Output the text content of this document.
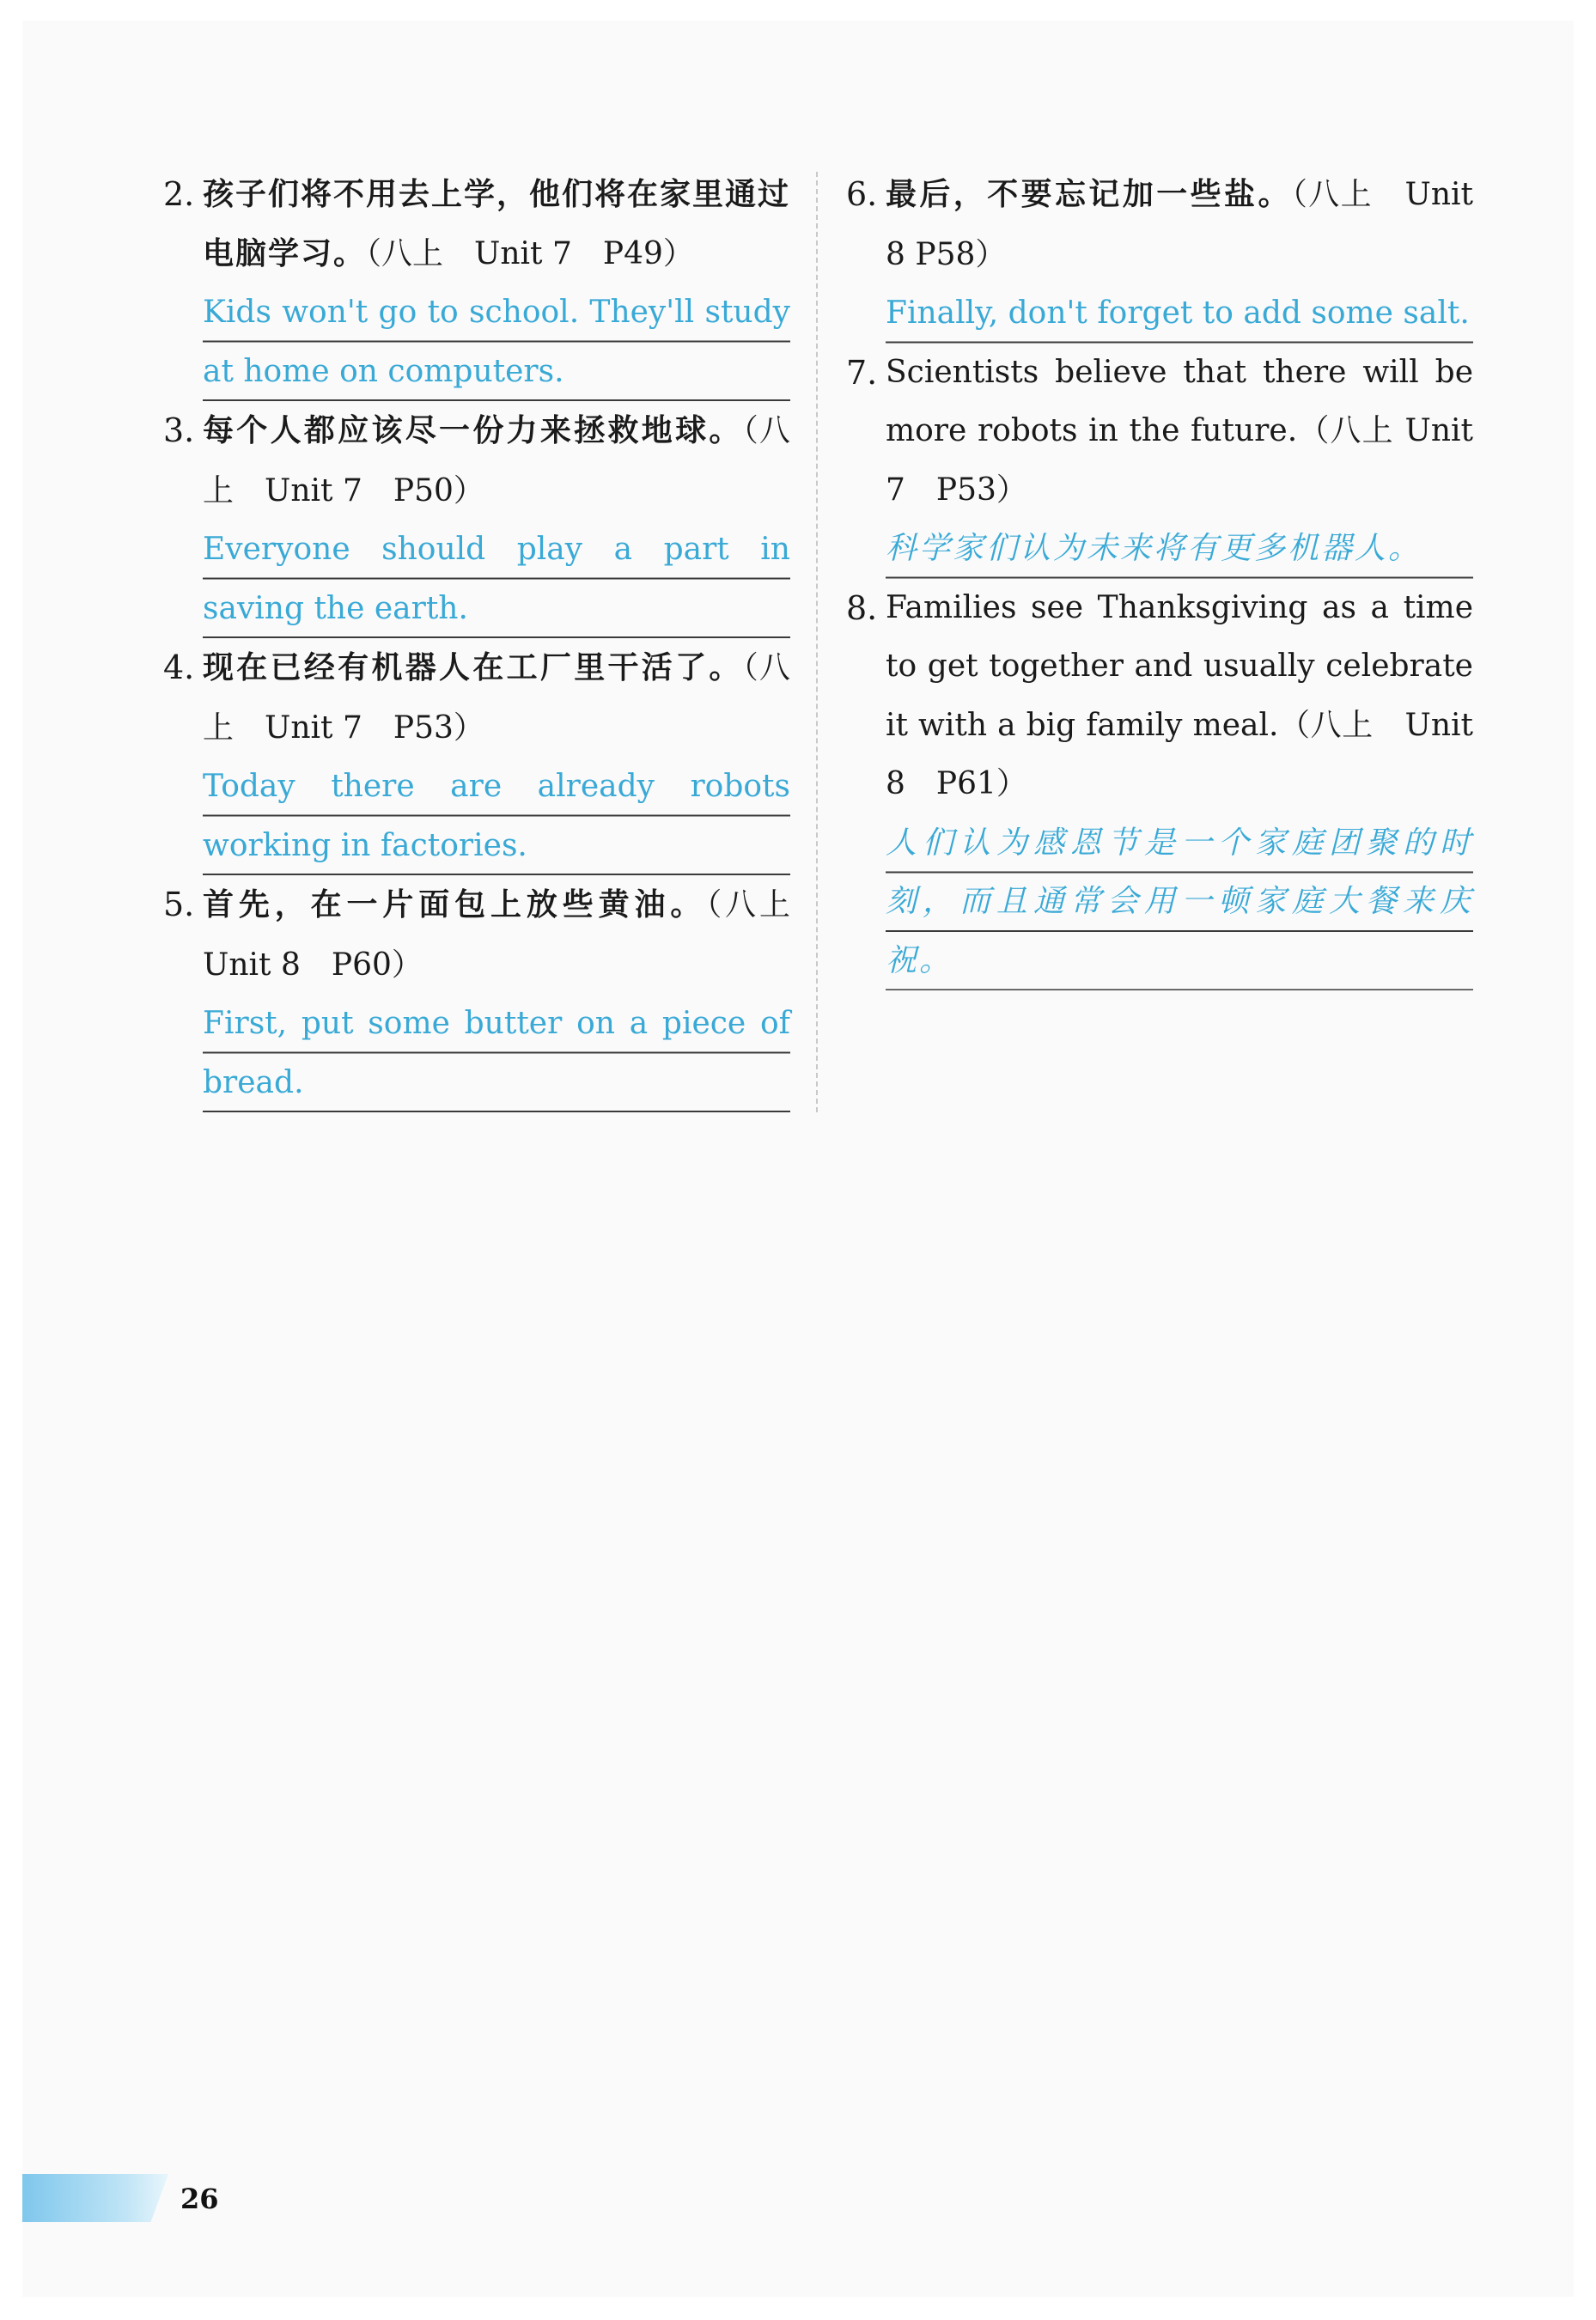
2. 孩子们将不用去上学，他们将在家里通过电脑学习。（八上　Unit 7　P49）
Kids won't go to school. They'll study at home on computers.
3. 每个人都应该尽一份力来拯救地球。（八上　Unit 7　P50）
Everyone should play a part in saving the earth.
4. 现在已经有机器人在工厂里干活了。（八上　Unit 7　P53）
Today there are already robots working in factories.
5. 首先，在一片面包上放些黄油。（八上 Unit 8　P60）
First, put some butter on a piece of bread.
6. 最后，不要忘记加一些盐。（八上　Unit 8 P58）
Finally, don't forget to add some salt.
7. Scientists believe that there will be more robots in the future.（八上 Unit 7　P53）
科学家们认为未来将有更多机器人。
8. Families see Thanksgiving as a time to get together and usually celebrate it with a big family meal.（八上　Unit 8　P61）
人们认为感恩节是一个家庭团聚的时刻，而且通常会用一顿家庭大餐来庆祝。
26
